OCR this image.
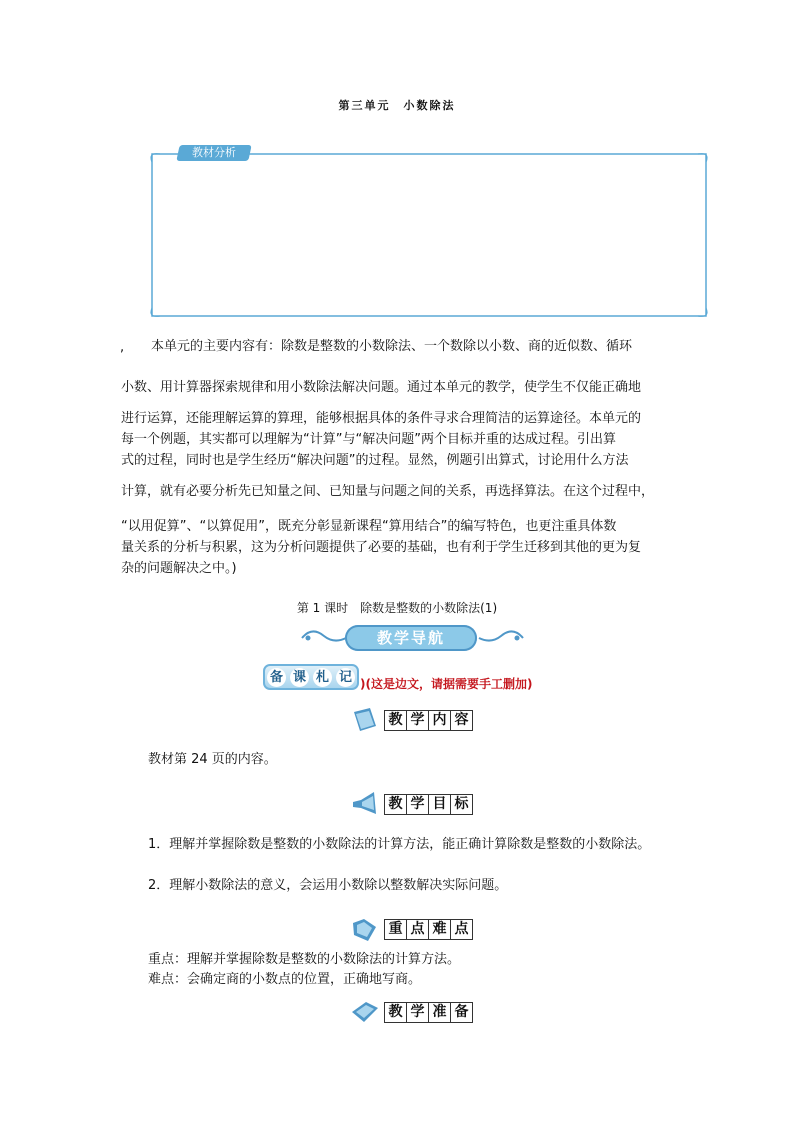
第三单元　小数除法
教材分析
, 本单元的主要内容有：除数是整数的小数除法、一个数除以小数、商的近似数、循环
小数、用计算器探索规律和用小数除法解决问题。通过本单元的教学，使学生不仅能正确地
进行运算，还能理解运算的算理，能够根据具体的条件寻求合理简洁的运算途径。本单元的
每一个例题，其实都可以理解为“计算”与“解决问题”两个目标并重的达成过程。引出算
式的过程，同时也是学生经历“解决问题”的过程。显然，例题引出算式，讨论用什么方法
计算，就有必要分析先已知量之间、已知量与问题之间的关系，再选择算法。在这个过程中，
“以用促算”、“以算促用”，既充分彰显新课程“算用结合”的编写特色，也更注重具体数
量关系的分析与积累，这为分析问题提供了必要的基础，也有利于学生迁移到其他的更为复
杂的问题解决之中。)
第 1 课时　除数是整数的小数除法(1)
教学导航
备 课 札 记 )(这是边文，请据需要手工删加)
教 学 内 容
教材第 24 页的内容。
教 学 目 标
1．理解并掌握除数是整数的小数除法的计算方法，能正确计算除数是整数的小数除法。
2．理解小数除法的意义，会运用小数除以整数解决实际问题。
重 点 难 点
重点：理解并掌握除数是整数的小数除法的计算方法。
难点：会确定商的小数点的位置，正确地写商。
教 学 准 备
